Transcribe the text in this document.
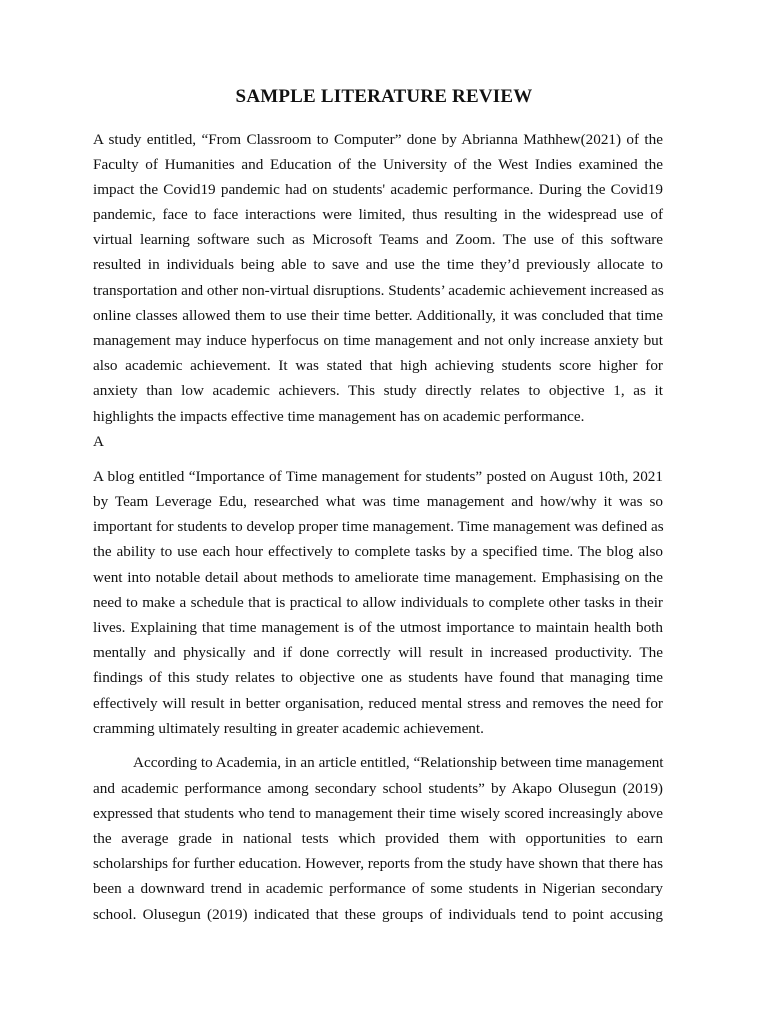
SAMPLE LITERATURE REVIEW
A study entitled, “From Classroom to Computer” done by Abrianna Mathhew(2021) of the
Faculty of Humanities and Education of the University of the West Indies examined the
impact the Covid19 pandemic had on students' academic performance. During the Covid19
pandemic, face to face interactions were limited, thus resulting in the widespread use of
virtual learning software such as Microsoft Teams and Zoom. The use of this software
resulted in individuals being able to save and use the time they’d previously allocate to
transportation and other non-virtual disruptions. Students’ academic achievement increased as
online classes allowed them to use their time better. Additionally, it was concluded that time
management may induce hyperfocus on time management and not only increase anxiety but
also academic achievement. It was stated that high achieving students score higher for
anxiety than low academic achievers. This study directly relates to objective 1, as it
highlights the impacts effective time management has on academic performance.
A
A blog entitled “Importance of Time management for students” posted on August 10th, 2021
by Team Leverage Edu, researched what was time management and how/why it was so
important for students to develop proper time management. Time management was defined as
the ability to use each hour effectively to complete tasks by a specified time. The blog also
went into notable detail about methods to ameliorate time management. Emphasising on the
need to make a schedule that is practical to allow individuals to complete other tasks in their
lives. Explaining that time management is of the utmost importance to maintain health both
mentally and physically and if done correctly will result in increased productivity. The
findings of this study relates to objective one as students have found that managing time
effectively will result in better organisation, reduced mental stress and removes the need for
cramming ultimately resulting in greater academic achievement.
According to Academia, in an article entitled, “Relationship between time management
and academic performance among secondary school students” by Akapo Olusegun (2019)
expressed that students who tend to management their time wisely scored increasingly above
the average grade in national tests which provided them with opportunities to earn
scholarships for further education. However, reports from the study have shown that there has
been a downward trend in academic performance of some students in Nigerian secondary
school. Olusegun (2019) indicated that these groups of individuals tend to point accusing
